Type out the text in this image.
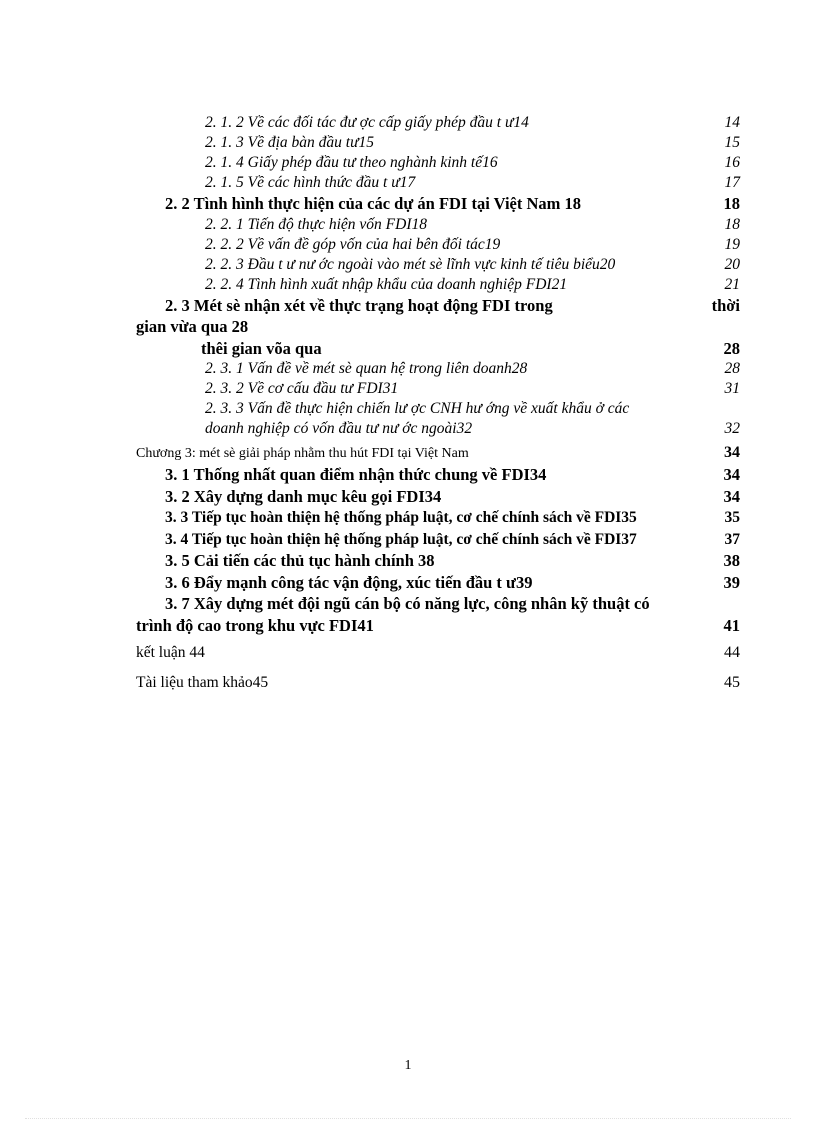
2. 1. 2 Về các đối tác đư ợc cấp giấy phép đầu t ư14	14
2. 1. 3 Về địa bàn đầu tư15	15
2. 1. 4 Giấy phép đầu tư theo nghành kinh tế16	16
2. 1. 5 Về các hình thức đầu t ư17	17
2. 2 Tình hình thực hiện của các dự án FDI tại Việt Nam 18	18
2. 2. 1 Tiến độ thực hiện vốn FDI18	18
2. 2. 2 Về vấn đề góp vốn của hai bên đối tác19	19
2. 2. 3 Đầu t ư nư ớc ngoài vào mét sè lĩnh vực kinh tế tiêu biểu20	20
2. 2. 4 Tình hình xuất nhập khẩu của doanh nghiệp FDI21	21
2. 3 Mét sè nhận xét về thực trạng hoạt động FDI trong	thời
gian vừa qua 28
thêi gian võa qua	28
2. 3. 1 Vấn đề về mét sè quan hệ trong liên doanh28	28
2. 3. 2 Về cơ cấu đầu tư FDI31	31
2. 3. 3 Vấn đề thực hiện chiến lư ợc CNH hư ớng về xuất khẩu ở các
doanh nghiệp có vốn đầu tư nư ớc ngoài32	32
Chương 3: mét sè giải pháp nhằm thu hút FDI tại Việt Nam	34
3. 1 Thống nhất quan điểm nhận thức chung về FDI34	34
3. 2 Xây dựng danh mục kêu gọi FDI34	34
3. 3 Tiếp tục hoàn thiện hệ thống pháp luật, cơ chế chính sách về FDI35	35
3. 4 Tiếp tục hoàn thiện hệ thống pháp luật, cơ chế chính sách về FDI37	37
3. 5 Cải tiến các thủ tục hành chính 38	38
3. 6 Đẩy mạnh công tác vận động, xúc tiến đầu t ư39	39
3. 7 Xây dựng mét đội ngũ cán bộ có năng lực, công nhân kỹ thuật có
trình độ cao trong khu vực FDI41	41
kết luận 44	44
Tài liệu tham khảo45	45
1
